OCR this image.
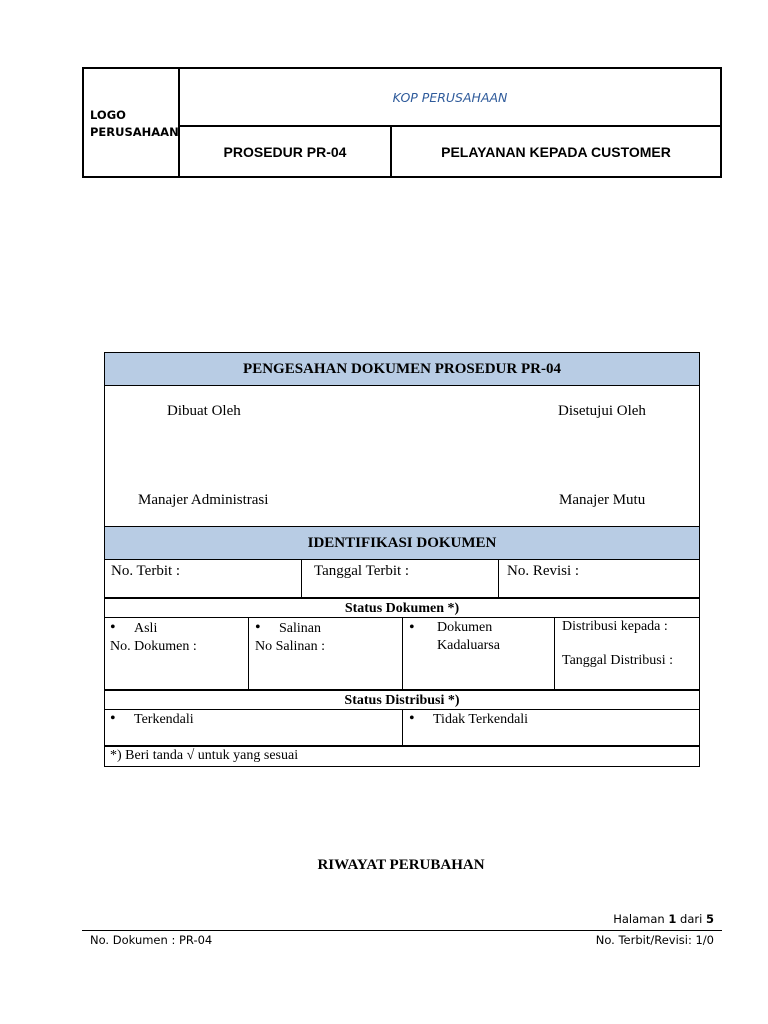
LOGO PERUSAHAAN
KOP PERUSAHAAN
PROSEDUR PR-04	PELAYANAN KEPADA CUSTOMER
PENGESAHAN DOKUMEN PROSEDUR PR-04
Dibuat Oleh	Disetujui Oleh
Manajer Administrasi	Manajer Mutu
IDENTIFIKASI DOKUMEN
No. Terbit :	Tanggal Terbit :	No. Revisi :
Status Dokumen *)
• Asli
No. Dokumen :
• Salinan
No Salinan :
•	Dokumen Kadaluarsa
Distribusi kepada :
Tanggal Distribusi :
Status Distribusi *)
• Terkendali
•	Tidak Terkendali
*) Beri tanda √ untuk yang sesuai
RIWAYAT PERUBAHAN
Halaman 1 dari 5
No. Dokumen : PR-04	No. Terbit/Revisi: 1/0
